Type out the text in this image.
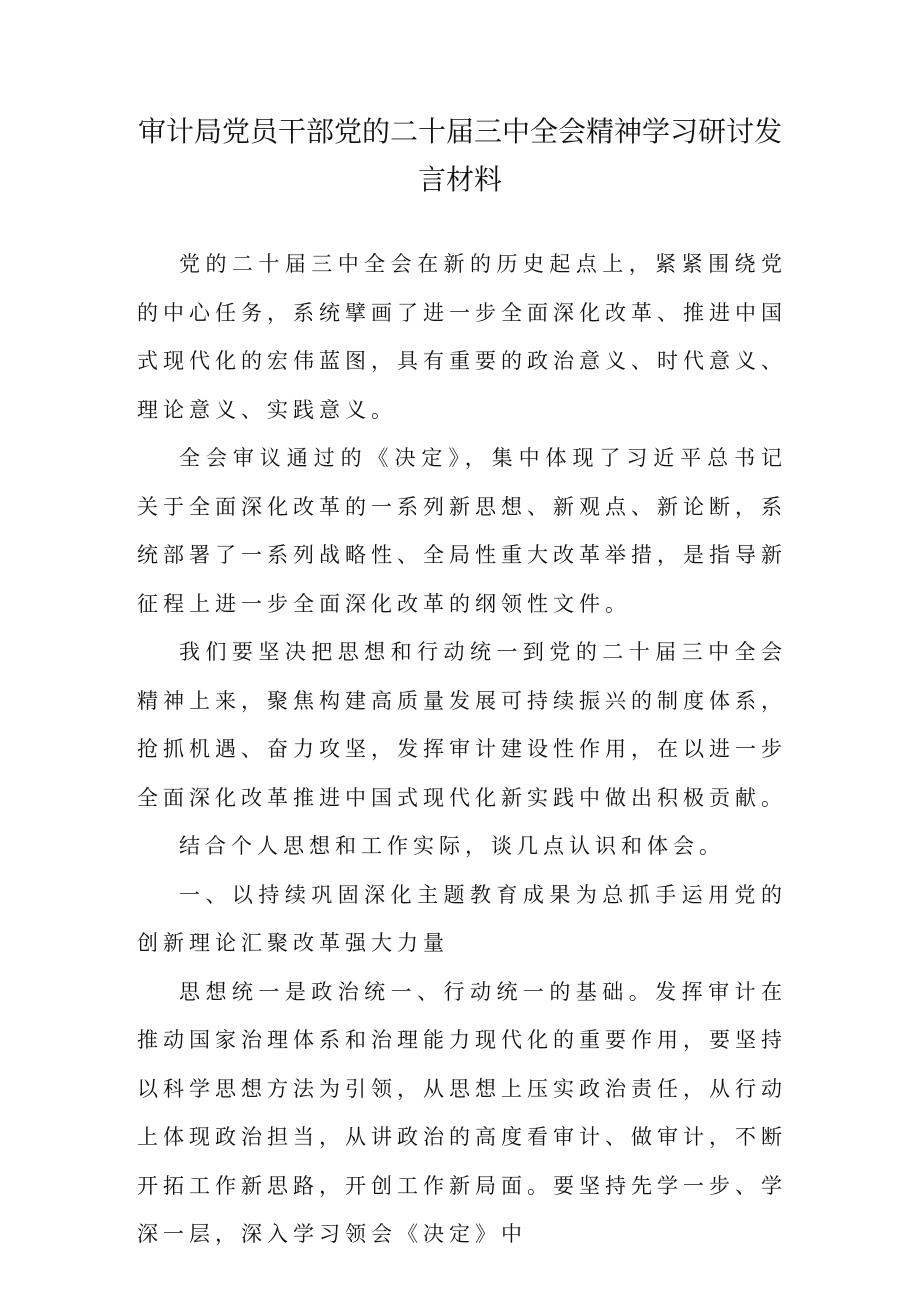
审计局党员干部党的二十届三中全会精神学习研讨发
言材料

党的二十届三中全会在新的历史起点上，紧紧围绕党的中心任务，系统擘画了进一步全面深化改革、推进中国式现代化的宏伟蓝图，具有重要的政治意义、时代意义、理论意义、实践意义。

全会审议通过的《决定》，集中体现了习近平总书记关于全面深化改革的一系列新思想、新观点、新论断，系统部署了一系列战略性、全局性重大改革举措，是指导新征程上进一步全面深化改革的纲领性文件。

我们要坚决把思想和行动统一到党的二十届三中全会精神上来，聚焦构建高质量发展可持续振兴的制度体系，抢抓机遇、奋力攻坚，发挥审计建设性作用，在以进一步全面深化改革推进中国式现代化新实践中做出积极贡献。

结合个人思想和工作实际，谈几点认识和体会。

一、以持续巩固深化主题教育成果为总抓手运用党的创新理论汇聚改革强大力量

思想统一是政治统一、行动统一的基础。发挥审计在推动国家治理体系和治理能力现代化的重要作用，要坚持以科学思想方法为引领，从思想上压实政治责任，从行动上体现政治担当，从讲政治的高度看审计、做审计，不断开拓工作新思路，开创工作新局面。要坚持先学一步、学深一层，深入学习领会《决定》中
